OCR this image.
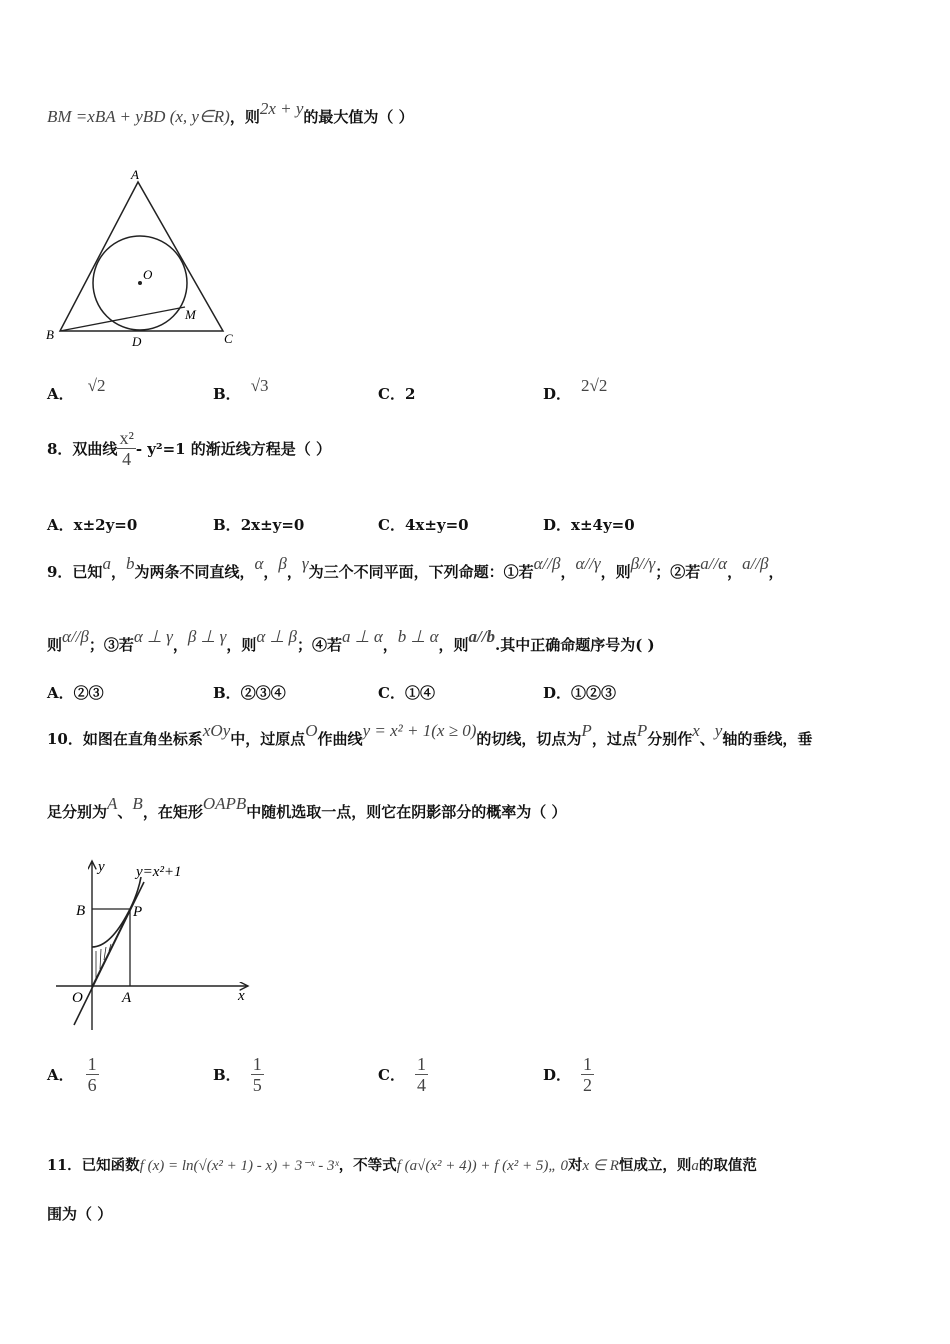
BM =xBA + yBD (x, y∈R)，则2x + y的最大值为（ ）
A
O
M
B	D	C
A． √2	B． √3	C．2	D． 2√2
8．双曲线 $\frac{\text{x²}}{4} - y^2=1$ 的渐近线方程是（ ）
A．x±2y=0	B．2x±y=0	C．4x±y=0	D．x±4y=0
9．已知a，b为两条不同直线，α，β，γ为三个不同平面，下列命题：①若α//β，α//γ，则β//γ；②若a//α，a//β，
则α//β；③若α ⊥ γ，β ⊥ γ，则α ⊥ β；④若a ⊥ α，b ⊥ α，则a//b.其中正确命题序号为( )
A．②③	B．②③④	C．①④	D．①②③
10．如图在直角坐标系xOy中，过原点O作曲线y = x² + 1(x ≥ 0)的切线，切点为P，过点P分别作x、y轴的垂线，垂
足分别为A、B，在矩形OAPB中随机选取一点，则它在阴影部分的概率为（ ）
y y=x²+1
B	P
O	A	x
A． $\frac{1}{6}$	B． $\frac{1}{5}$	C． $\frac{1}{4}$	D． $\frac{1}{2}$
11．已知函数f (x) = ln(√(x² + 1) - x) + 3⁻ˣ - 3ˣ，不等式f (a√(x² + 4)) + f (x² + 5)„ 0对x ∈ R恒成立，则a的取值范
围为（ ）
